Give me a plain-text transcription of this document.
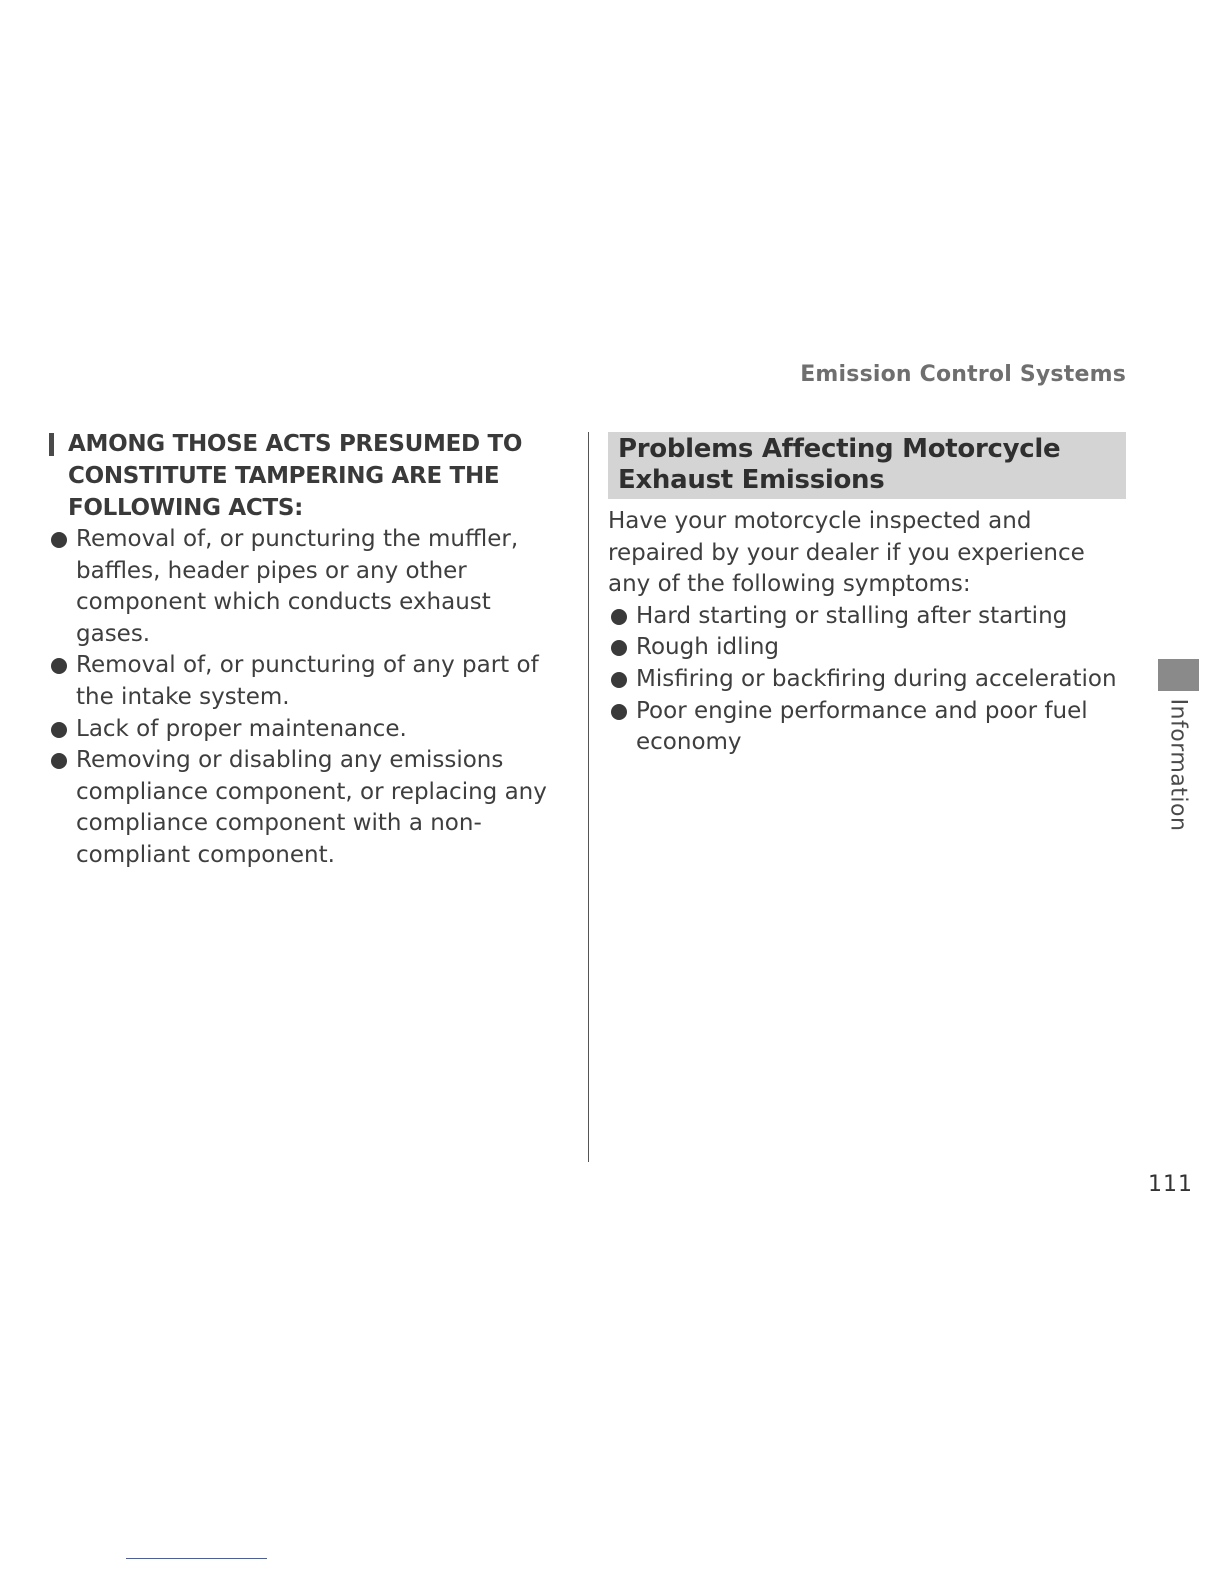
Emission Control Systems
AMONG THOSE ACTS PRESUMED TO CONSTITUTE TAMPERING ARE THE FOLLOWING ACTS:
Removal of, or puncturing the muffler, baffles, header pipes or any other component which conducts exhaust gases.
Removal of, or puncturing of any part of the intake system.
Lack of proper maintenance.
Removing or disabling any emissions compliance component, or replacing any compliance component with a non-compliant component.
Problems Affecting Motorcycle Exhaust Emissions
Have your motorcycle inspected and repaired by your dealer if you experience any of the following symptoms:
Hard starting or stalling after starting
Rough idling
Misfiring or backfiring during acceleration
Poor engine performance and poor fuel economy	Information
111
